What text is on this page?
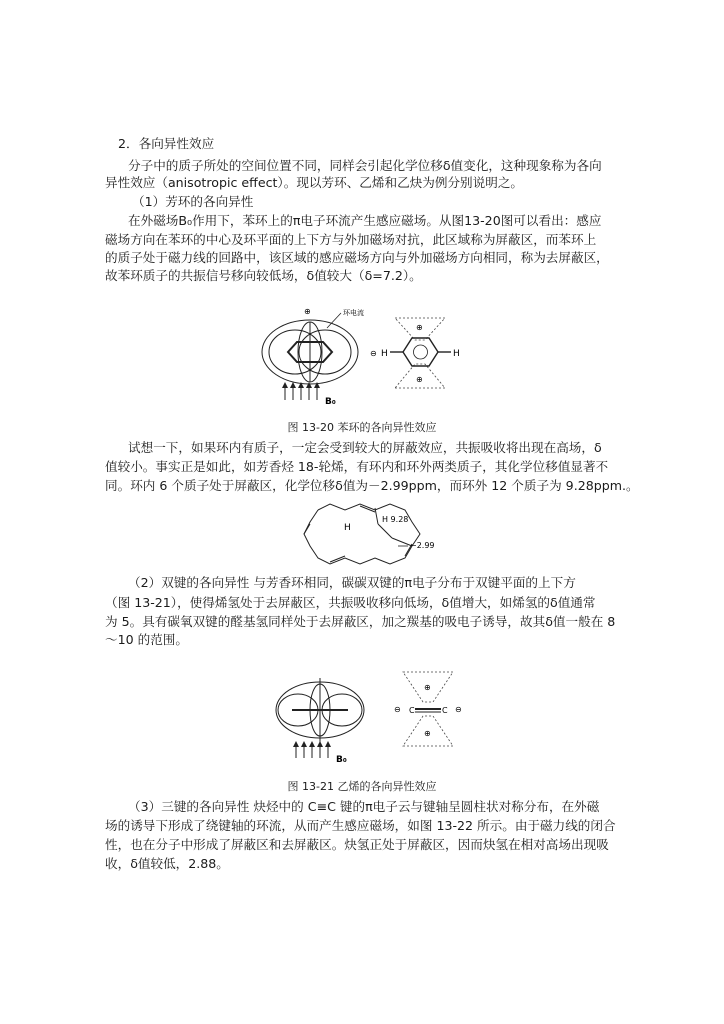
2．各向异性效应
分子中的质子所处的空间位置不同，同样会引起化学位移δ值变化，这种现象称为各向
异性效应（anisotropic effect）。现以芳环、乙烯和乙炔为例分别说明之。
（1）芳环的各向异性
在外磁场B₀作用下，苯环上的π电子环流产生感应磁场。从图13-20图可以看出：感应
磁场方向在苯环的中心及环平面的上下方与外加磁场对抗，此区域称为屏蔽区，而苯环上
的质子处于磁力线的回路中，该区域的感应磁场方向与外加磁场方向相同，称为去屏蔽区，
故苯环质子的共振信号移向较低场，δ值较大（δ=7.2）。
B₀
环电流
⊕
H	H
⊖
⊕
⊕
图 13-20 苯环的各向异性效应
试想一下，如果环内有质子，一定会受到较大的屏蔽效应，共振吸收将出现在高场，δ
值较小。事实正是如此，如芳香烃 18-轮烯，有环内和环外两类质子，其化学位移值显著不
同。环内 6 个质子处于屏蔽区，化学位移δ值为－2.99ppm，而环外 12 个质子为 9.28ppm.。
H
H 9.28
−2.99
（2）双键的各向异性 与芳香环相同，碳碳双键的π电子分布于双键平面的上下方
（图 13-21），使得烯氢处于去屏蔽区，共振吸收移向低场，δ值增大，如烯氢的δ值通常
为 5。具有碳氧双键的醛基氢同样处于去屏蔽区，加之羰基的吸电子诱导，故其δ值一般在 8
～10 的范围。
B₀
C	C
⊕
⊕
⊖	⊖
图 13-21 乙烯的各向异性效应
（3）三键的各向异性 炔烃中的 C≡C 键的π电子云与键轴呈圆柱状对称分布，在外磁
场的诱导下形成了绕键轴的环流，从而产生感应磁场，如图 13-22 所示。由于磁力线的闭合
性，也在分子中形成了屏蔽区和去屏蔽区。炔氢正处于屏蔽区，因而炔氢在相对高场出现吸
收，δ值较低，2.88。
